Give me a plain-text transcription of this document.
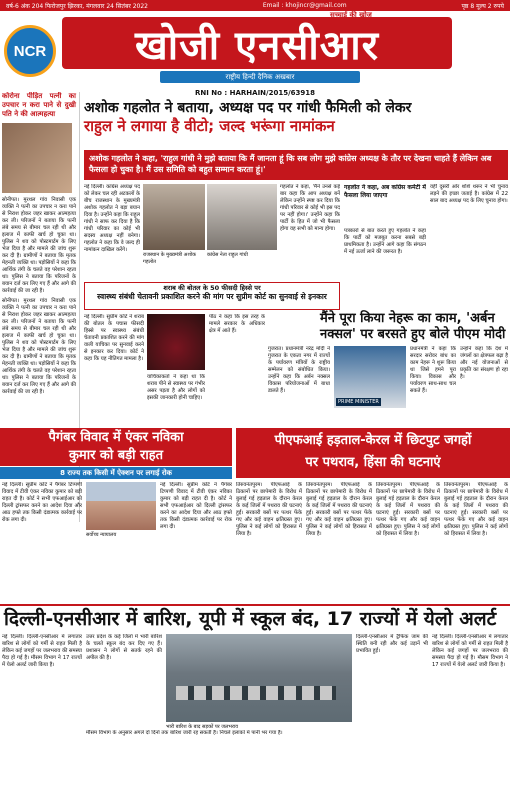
वर्ष-6 अंक 204 फिरोजपुर झिरका, मंगलवार 24 सितंबर 2022	Email : khojincr@gmail.com	पृष्ठ 8 मूल्य 2 रुपये
NCR	खोजी एनसीआर
सच्चाई की खोज
राष्ट्रीय हिन्दी दैनिक अखबार
RNI No : HARHAIN/2015/63918
कोरोना पीड़ित पत्नी का उपचार न करा पाने से दुखी पति ने की आत्महत्या

सोनीपत। मुरथल गांव निवासी एक व्यक्ति ने पत्नी का उपचार न करा पाने से निराश होकर जहर खाकर आत्महत्या कर ली। परिजनों ने बताया कि पत्नी लंबे समय से बीमार चल रही थी और इलाज में काफी खर्च हो चुका था। पुलिस ने शव को पोस्टमार्टम के लिए भेज दिया है और मामले की जांच शुरू कर दी है। ग्रामीणों ने बताया कि मृतक मेहनती व्यक्ति था। पड़ोसियों ने कहा कि आर्थिक तंगी के चलते वह परेशान रहता था। पुलिस ने बताया कि परिजनों के बयान दर्ज कर लिए गए हैं और आगे की कार्रवाई की जा रही है।

सोनीपत। मुरथल गांव निवासी एक व्यक्ति ने पत्नी का उपचार न करा पाने से निराश होकर जहर खाकर आत्महत्या कर ली। परिजनों ने बताया कि पत्नी लंबे समय से बीमार चल रही थी और इलाज में काफी खर्च हो चुका था। पुलिस ने शव को पोस्टमार्टम के लिए भेज दिया है और मामले की जांच शुरू कर दी है। ग्रामीणों ने बताया कि मृतक मेहनती व्यक्ति था। पड़ोसियों ने कहा कि आर्थिक तंगी के चलते वह परेशान रहता था। पुलिस ने बताया कि परिजनों के बयान दर्ज कर लिए गए हैं और आगे की कार्रवाई की जा रही है।

अशोक गहलोत ने बताया, अध्यक्ष पद पर गांधी फैमिली को लेकर
राहुल ने लगाया है वीटो; जल्द भरूंगा नामांकन
अशोक गहलोत ने कहा, 'राहुल गांधी ने मुझे बताया कि मैं जानता हूं कि सब लोग मुझे कांग्रेस अध्यक्ष के तौर पर देखना चाहते हैं लेकिन अब फैसला हो चुका है। मैं उस समिति को बहुत सम्मान करता हूं।'
नई दिल्ली। कांग्रेस अध्यक्ष पद को लेकर चल रही अटकलों के बीच राजस्थान के मुख्यमंत्री अशोक गहलोत ने बड़ा बयान दिया है। उन्होंने कहा कि राहुल गांधी ने साफ कर दिया है कि गांधी परिवार का कोई भी सदस्य अध्यक्ष नहीं बनेगा। गहलोत ने कहा कि वे जल्द ही नामांकन दाखिल करेंगे।
राजस्थान के मुख्यमंत्री अशोक गहलोत
कांग्रेस नेता राहुल गांधी
गहलोत ने कहा, 'मैंने उनसे कई बार कहा कि आप अध्यक्ष बनें लेकिन उन्होंने स्पष्ट कर दिया कि गांधी परिवार से कोई भी इस पद पर नहीं होगा।' उन्होंने कहा कि पार्टी के हित में जो भी फैसला होगा वह सभी को मान्य होगा।
गहलोत ने कहा, अब कांग्रेस कमेटी में फैसला लिया जाएगा
पत्रकारों से बात करते हुए गहलोत ने कहा कि पार्टी को मजबूत करना सबसे बड़ी प्राथमिकता है। उन्होंने आगे कहा कि संगठन में नई ऊर्जा लाने की जरूरत है।
वहीं दूसरी ओर शशि थरूर ने भी चुनाव लड़ने की इच्छा जताई है। कांग्रेस में 22 साल बाद अध्यक्ष पद के लिए चुनाव होगा।
शराब की बोतल के 50 फीसदी हिस्से पर
स्वास्थ्य संबंधी चेतावनी प्रकाशित करने की मांग पर सुप्रीम कोर्ट का सुनवाई से इनकार
नई दिल्ली। सुप्रीम कोर्ट ने शराब की बोतल के पचास फीसदी हिस्से पर स्वास्थ्य संबंधी चेतावनी प्रकाशित करने की मांग वाली याचिका पर सुनवाई करने से इनकार कर दिया। कोर्ट ने कहा कि यह नीतिगत मामला है।
याचिकाकर्ता ने कहा था कि शराब पीने से स्वास्थ्य पर गंभीर असर पड़ता है और लोगों को इसकी जानकारी होनी चाहिए।
पीठ ने कहा कि इस तरह के मामले सरकार के अधिकार क्षेत्र में आते हैं।
मैंने पूरा किया नेहरू का काम, 'अर्बन नक्सल' पर बरसते हुए बोले पीएम मोदी
गुजरात। प्रधानमंत्री नरेंद्र मोदी ने गुजरात के एकता नगर में राज्यों के पर्यावरण मंत्रियों के राष्ट्रीय सम्मेलन को संबोधित किया। उन्होंने कहा कि अर्बन नक्सल विकास परियोजनाओं में बाधा डालते हैं।
PRIME MINISTER
प्रधानमंत्री ने कहा कि सरदार सरोवर बांध का काम नेहरू ने शुरू किया था जिसे हमने पूरा किया। विकास और पर्यावरण साथ-साथ चल सकते हैं।
उन्होंने कहा कि देश में जंगलों का क्षेत्रफल बढ़ा है और नई योजनाओं से प्रकृति का संरक्षण हो रहा है।
पैगंबर विवाद में एंकर नविका
कुमार को बड़ी राहत
8 राज्य तक किसी में ऐक्शन पर लगाई रोक
पीएफआई हड़ताल-केरल में छिटपुट जगहों
पर पथराव, हिंसा की घटनाएं
नई दिल्ली। सुप्रीम कोर्ट ने पैगंबर टिप्पणी विवाद में टीवी एंकर नविका कुमार को बड़ी राहत दी है। कोर्ट ने सभी एफआईआर को दिल्ली ट्रांसफर करने का आदेश दिया और आठ हफ्ते तक किसी दंडात्मक कार्रवाई पर रोक लगा दी।
सर्वोच्च न्यायालय
नई दिल्ली। सुप्रीम कोर्ट ने पैगंबर टिप्पणी विवाद में टीवी एंकर नविका कुमार को बड़ी राहत दी है। कोर्ट ने सभी एफआईआर को दिल्ली ट्रांसफर करने का आदेश दिया और आठ हफ्ते तक किसी दंडात्मक कार्रवाई पर रोक लगा दी।
तिरुवनंतपुरम। पीएफआई के ठिकानों पर छापेमारी के विरोध में बुलाई गई हड़ताल के दौरान केरल के कई जिलों में पथराव की घटनाएं हुईं। सरकारी बसों पर पत्थर फेंके गए और कई वाहन क्षतिग्रस्त हुए। पुलिस ने कई लोगों को हिरासत में लिया है।
तिरुवनंतपुरम। पीएफआई के ठिकानों पर छापेमारी के विरोध में बुलाई गई हड़ताल के दौरान केरल के कई जिलों में पथराव की घटनाएं हुईं। सरकारी बसों पर पत्थर फेंके गए और कई वाहन क्षतिग्रस्त हुए। पुलिस ने कई लोगों को हिरासत में लिया है।
तिरुवनंतपुरम। पीएफआई के ठिकानों पर छापेमारी के विरोध में बुलाई गई हड़ताल के दौरान केरल के कई जिलों में पथराव की घटनाएं हुईं। सरकारी बसों पर पत्थर फेंके गए और कई वाहन क्षतिग्रस्त हुए। पुलिस ने कई लोगों को हिरासत में लिया है।
तिरुवनंतपुरम। पीएफआई के ठिकानों पर छापेमारी के विरोध में बुलाई गई हड़ताल के दौरान केरल के कई जिलों में पथराव की घटनाएं हुईं। सरकारी बसों पर पत्थर फेंके गए और कई वाहन क्षतिग्रस्त हुए। पुलिस ने कई लोगों को हिरासत में लिया है।
दिल्ली-एनसीआर में बारिश, यूपी में स्कूल बंद, 17 राज्यों में येलो अलर्ट
नई दिल्ली। दिल्ली-एनसीआर में लगातार बारिश से लोगों को गर्मी से राहत मिली है लेकिन कई जगहों पर जलभराव की समस्या पैदा हो गई है। मौसम विभाग ने 17 राज्यों में येलो अलर्ट जारी किया है।
उत्तर प्रदेश के कई जिलों में भारी बारिश के चलते स्कूल बंद कर दिए गए हैं। प्रशासन ने लोगों से सतर्क रहने की अपील की है।
भारी बारिश के बाद सड़कों पर जलभराव
मौसम विभाग के अनुसार अगले दो दिनों तक बारिश जारी रह सकती है। निचले इलाकों में पानी भर गया है।
दिल्ली-एनसीआर में ट्रैफिक जाम की स्थिति बनी रही और कई उड़ानें भी प्रभावित हुईं।
नई दिल्ली। दिल्ली-एनसीआर में लगातार बारिश से लोगों को गर्मी से राहत मिली है लेकिन कई जगहों पर जलभराव की समस्या पैदा हो गई है। मौसम विभाग ने 17 राज्यों में येलो अलर्ट जारी किया है।
